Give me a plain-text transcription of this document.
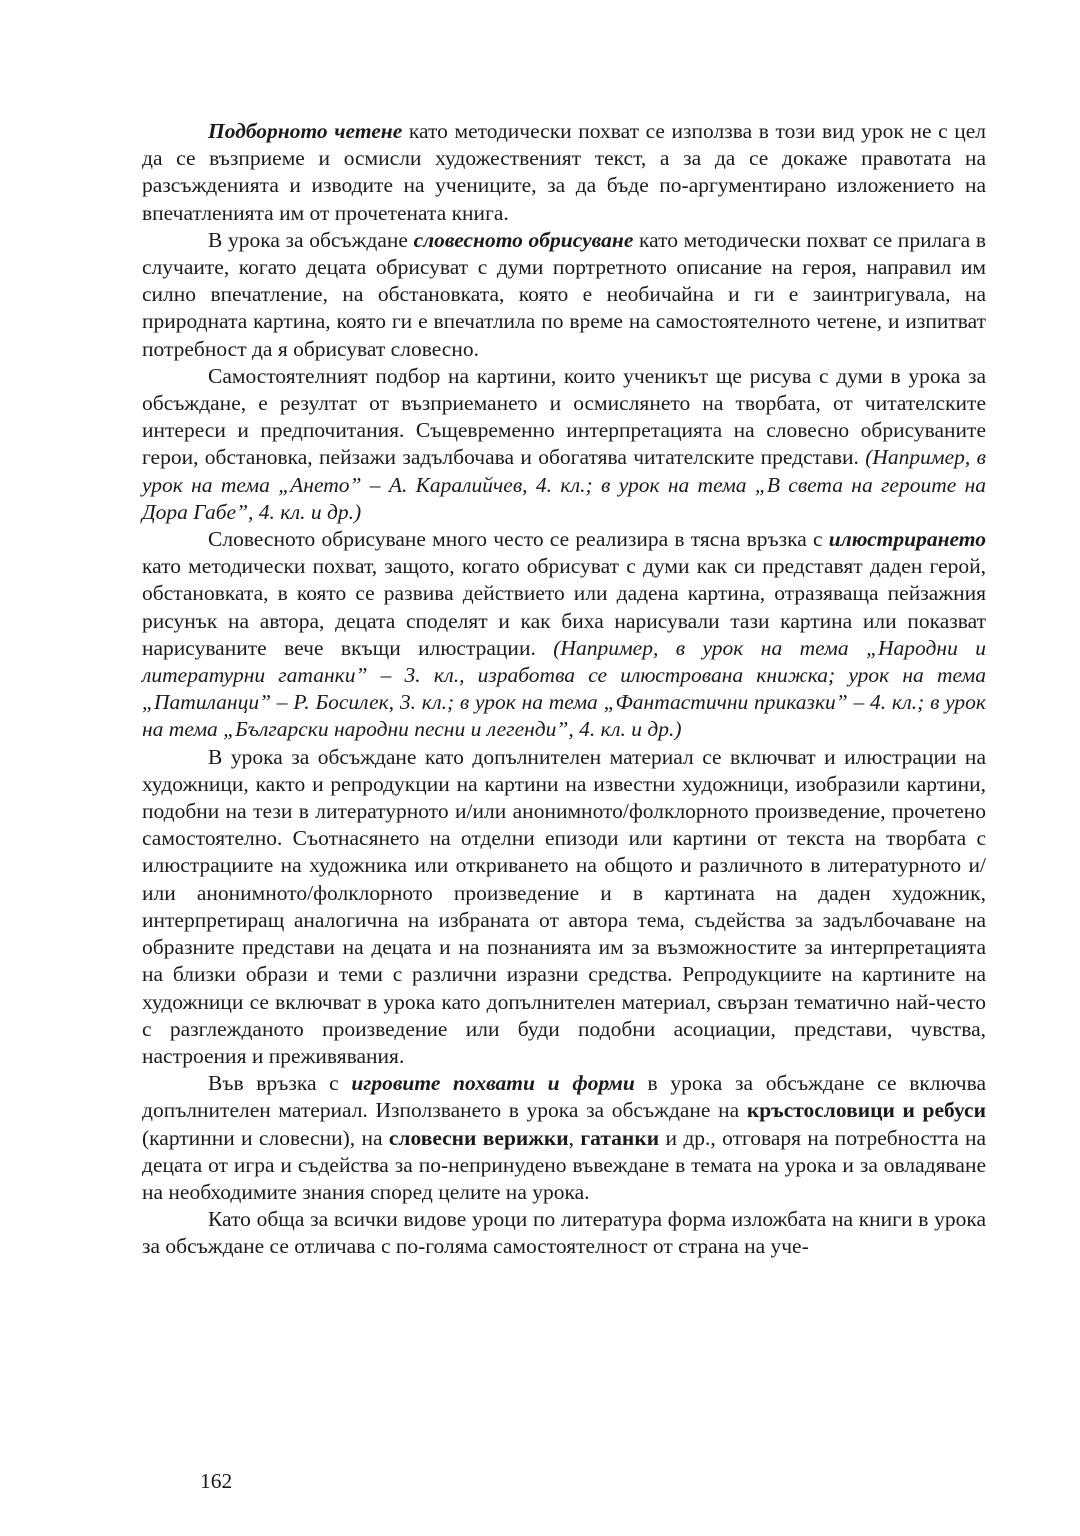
Подборното четене като методически похват се използва в този вид урок не с цел да се възприеме и осмисли художественият текст, а за да се докаже правотата на разсъжденията и изводите на учениците, за да бъде по-аргументирано изложението на впечатленията им от прочетената книга.

В урока за обсъждане словесното обрисуване като методически похват се прилага в случаите, когато децата обрисуват с думи портретното описание на героя, направил им силно впечатление, на обстановката, която е необичайна и ги е заинтригувала, на природната картина, която ги е впечатлила по време на самостоятелното четене, и изпитват потребност да я обрисуват словесно.

Самостоятелният подбор на картини, които ученикът ще рисува с думи в урока за обсъждане, е резултат от възприемането и осмислянето на творбата, от читателските интереси и предпочитания. Същевременно интерпретацията на словесно обрисуваните герои, обстановка, пейзажи задълбочава и обогатява читателските представи. (Например, в урок на тема „Ането” – А. Каралийчев, 4. кл.; в урок на тема „В света на героите на Дора Габе”, 4. кл. и др.)

Словесното обрисуване много често се реализира в тясна връзка с илюстрирането като методически похват, защото, когато обрисуват с думи как си представят даден герой, обстановката, в която се развива действието или дадена картина, отразяваща пейзажния рисунък на автора, децата споделят и как биха нарисували тази картина или показват нарисуваните вече вкъщи илюстрации. (Например, в урок на тема „Народни и литературни гатанки” – 3. кл., изработва се илюстрована книжка; урок на тема „Патиланци” – Р. Босилек, 3. кл.; в урок на тема „Фантастични приказки” – 4. кл.; в урок на тема „Български народни песни и легенди”, 4. кл. и др.)

В урока за обсъждане като допълнителен материал се включват и илюстрации на художници, както и репродукции на картини на известни художници, изобразили картини, подобни на тези в литературното и/или анонимното/фолклорното произведение, прочетено самостоятелно. Съотнасянето на отделни епизоди или картини от текста на творбата с илюстрациите на художника или откриването на общото и различното в литературното и/или анонимното/фолклорното произведение и в картината на даден художник, интерпретиращ аналогична на избраната от автора тема, съдейства за задълбочаване на образните представи на децата и на познанията им за възможностите за интерпретацията на близки образи и теми с различни изразни средства. Репродукциите на картините на художници се включват в урока като допълнителен материал, свързан тематично най-често с разглежданото произведение или буди подобни асоциации, представи, чувства, настроения и преживявания.

Във връзка с игровите похвати и форми в урока за обсъждане се включва допълнителен материал. Използването в урока за обсъждане на кръстословици и ребуси (картинни и словесни), на словесни верижки, гатанки и др., отговаря на потребността на децата от игра и съдейства за по-непринудено въвеждане в темата на урока и за овладяване на необходимите знания според целите на урока.

Като обща за всички видове уроци по литература форма изложбата на книги в урока за обсъждане се отличава с по-голяма самостоятелност от страна на уче-

162
